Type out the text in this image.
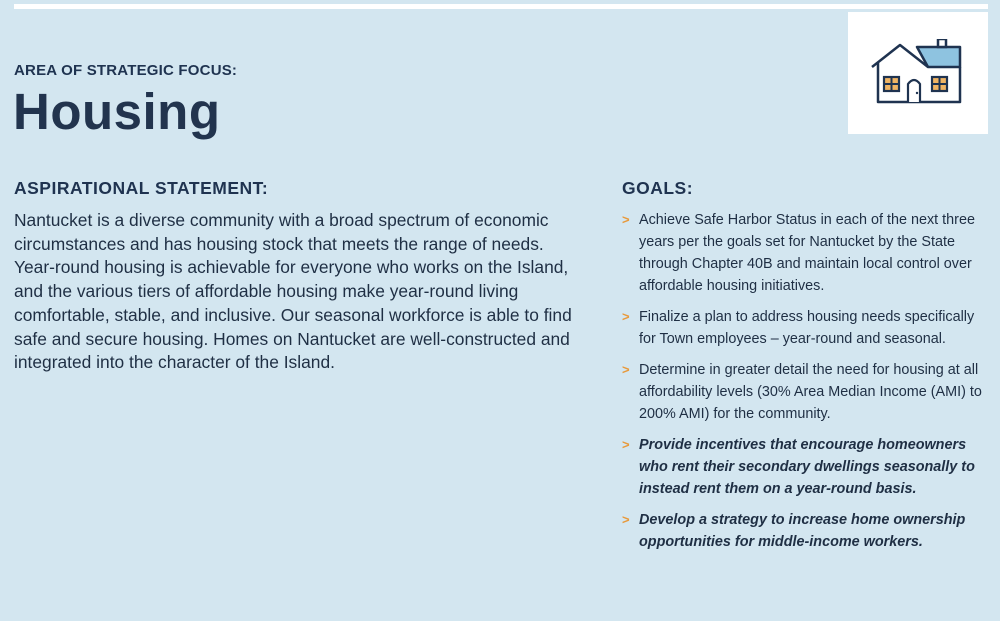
AREA OF STRATEGIC FOCUS:
Housing
ASPIRATIONAL STATEMENT:
Nantucket is a diverse community with a broad spectrum of economic circumstances and has housing stock that meets the range of needs. Year-round housing is achievable for everyone who works on the Island, and the various tiers of affordable housing make year-round living comfortable, stable, and inclusive. Our seasonal workforce is able to find safe and secure housing. Homes on Nantucket are well-constructed and integrated into the character of the Island.
GOALS:
> Achieve Safe Harbor Status in each of the next three years per the goals set for Nantucket by the State through Chapter 40B and maintain local control over affordable housing initiatives.
> Finalize a plan to address housing needs specifically for Town employees – year-round and seasonal.
> Determine in greater detail the need for housing at all affordability levels (30% Area Median Income (AMI) to 200% AMI) for the community.
> Provide incentives that encourage homeowners who rent their secondary dwellings seasonally to instead rent them on a year-round basis.
> Develop a strategy to increase home ownership opportunities for middle-income workers.
